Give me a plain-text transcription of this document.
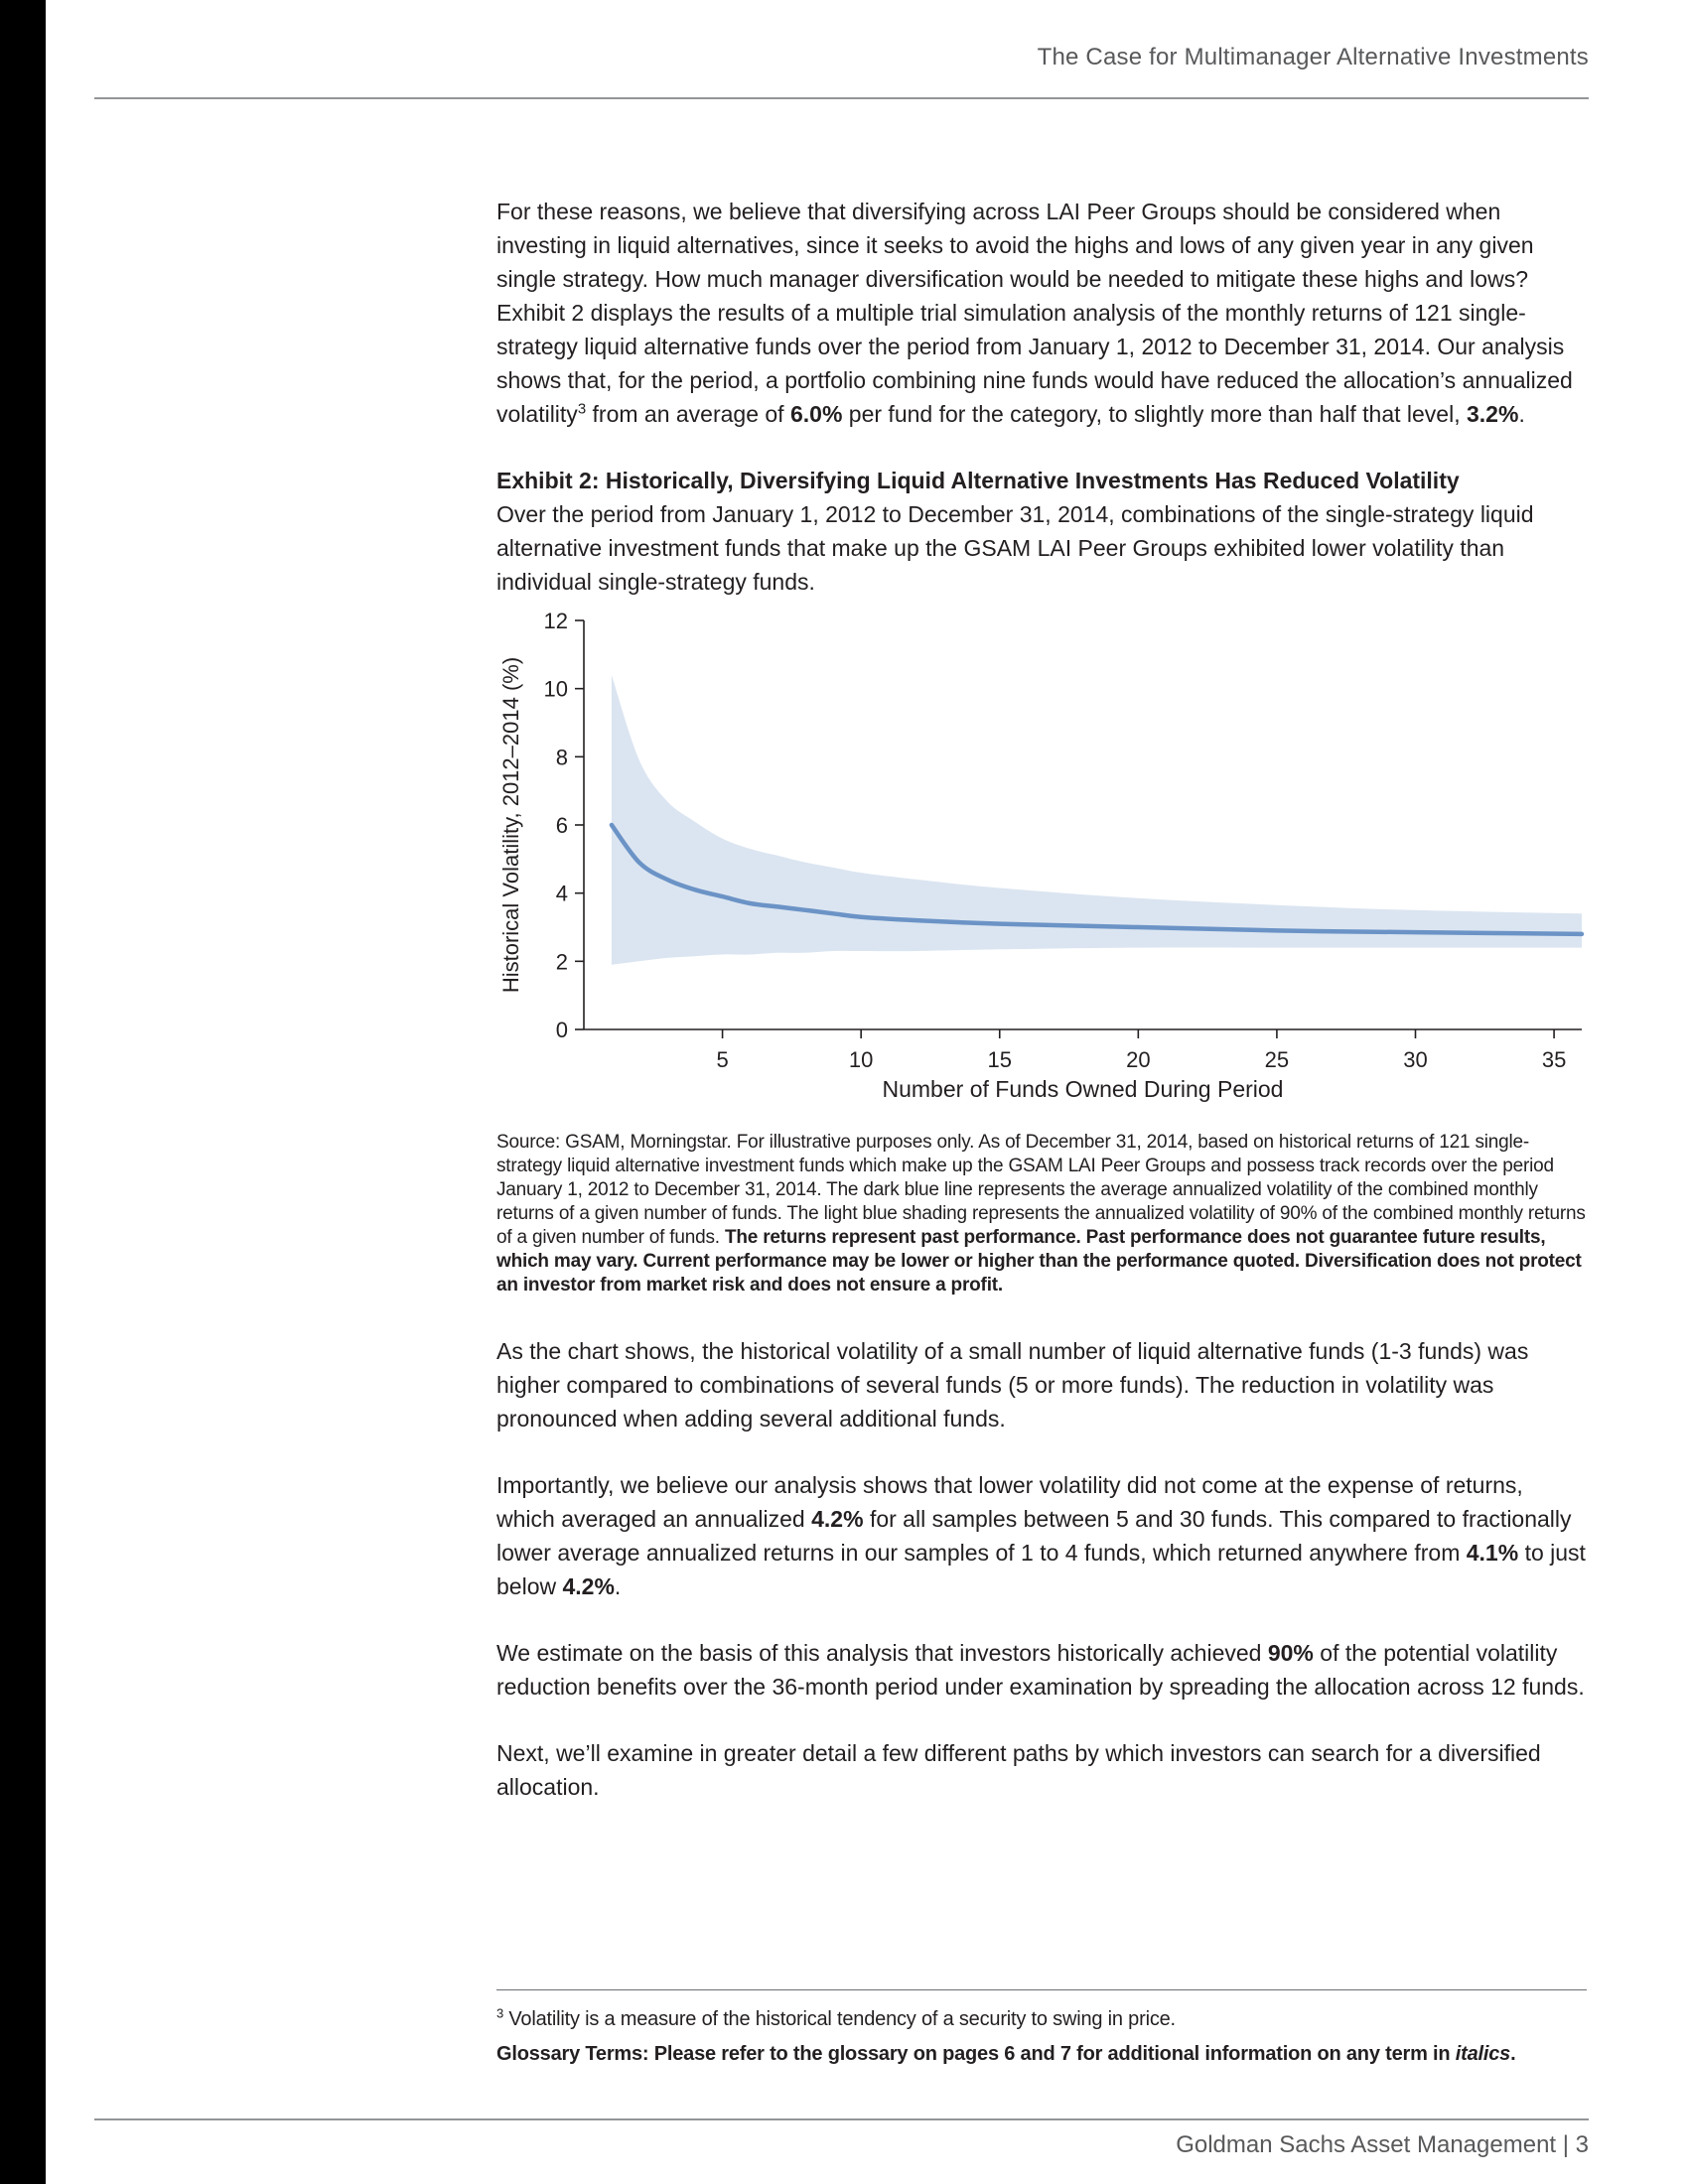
The Case for Multimanager Alternative Investments

For these reasons, we believe that diversifying across LAI Peer Groups should be considered when investing in liquid alternatives, since it seeks to avoid the highs and lows of any given year in any given single strategy. How much manager diversification would be needed to mitigate these highs and lows? Exhibit 2 displays the results of a multiple trial simulation analysis of the monthly returns of 121 single-strategy liquid alternative funds over the period from January 1, 2012 to December 31, 2014. Our analysis shows that, for the period, a portfolio combining nine funds would have reduced the allocation’s annualized volatility$^3$ from an average of 6.0% per fund for the category, to slightly more than half that level, 3.2%.

Exhibit 2: Historically, Diversifying Liquid Alternative Investments Has Reduced Volatility

Over the period from January 1, 2012 to December 31, 2014, combinations of the single-strategy liquid alternative investment funds that make up the GSAM LAI Peer Groups exhibited lower volatility than individual single-strategy funds.

0
2
4
6
8
10
12
5	10	15	20	25	30	35
Historical Volatility, 2012–2014 (%)
Number of Funds Owned During Period

Source: GSAM, Morningstar. For illustrative purposes only. As of December 31, 2014, based on historical returns of 121 single-strategy liquid alternative investment funds which make up the GSAM LAI Peer Groups and possess track records over the period January 1, 2012 to December 31, 2014. The dark blue line represents the average annualized volatility of the combined monthly returns of a given number of funds. The light blue shading represents the annualized volatility of 90% of the combined monthly returns of a given number of funds. The returns represent past performance. Past performance does not guarantee future results, which may vary. Current performance may be lower or higher than the performance quoted. Diversification does not protect an investor from market risk and does not ensure a profit.

As the chart shows, the historical volatility of a small number of liquid alternative funds (1-3 funds) was higher compared to combinations of several funds (5 or more funds). The reduction in volatility was pronounced when adding several additional funds.

Importantly, we believe our analysis shows that lower volatility did not come at the expense of returns, which averaged an annualized 4.2% for all samples between 5 and 30 funds. This compared to fractionally lower average annualized returns in our samples of 1 to 4 funds, which returned anywhere from 4.1% to just below 4.2%.

We estimate on the basis of this analysis that investors historically achieved 90% of the potential volatility reduction benefits over the 36-month period under examination by spreading the allocation across 12 funds.

Next, we’ll examine in greater detail a few different paths by which investors can search for a diversified allocation.

$^3$ Volatility is a measure of the historical tendency of a security to swing in price.

Glossary Terms: Please refer to the glossary on pages 6 and 7 for additional information on any term in italics.

Goldman Sachs Asset Management | 3
